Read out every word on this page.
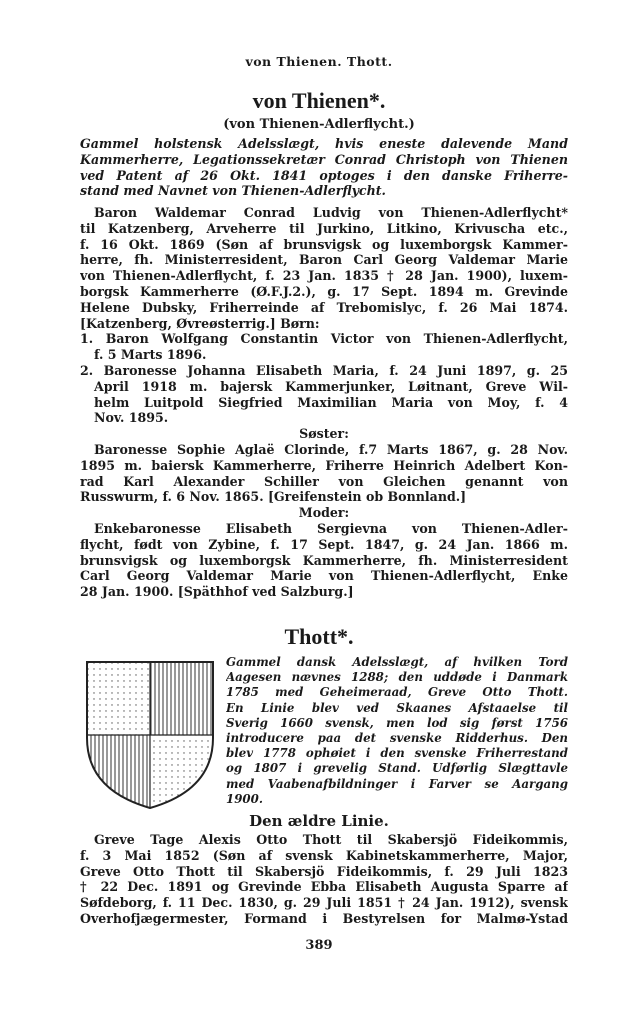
von Thienen. Thott.
von Thienen*.
(von Thienen-Adlerflycht.)
Gammel holstensk Adelsslægt, hvis eneste dalevende Mand
Kammerherre, Legationssekretær Conrad Christoph von Thienen
ved Patent af 26 Okt. 1841 optoges i den danske Friherre-
stand med Navnet von Thienen-Adlerflycht.
Baron Waldemar Conrad Ludvig von Thienen-Adlerflycht*
til Katzenberg, Arveherre til Jurkino, Litkino, Krivuscha etc.,
f. 16 Okt. 1869 (Søn af brunsvigsk og luxemborgsk Kammer-
herre, fh. Ministerresident, Baron Carl Georg Valdemar Marie
von Thienen-Adlerflycht, f. 23 Jan. 1835 † 28 Jan. 1900), luxem-
borgsk Kammerherre (Ø.F.J.2.), g. 17 Sept. 1894 m. Grevinde
Helene Dubsky, Friherreinde af Trebomislyc, f. 26 Mai 1874.
[Katzenberg, Øvreøsterrig.] Børn:
1. Baron Wolfgang Constantin Victor von Thienen-Adlerflycht,
f. 5 Marts 1896.
2. Baronesse Johanna Elisabeth Maria, f. 24 Juni 1897, g. 25
April 1918 m. bajersk Kammerjunker, Løitnant, Greve Wil-
helm Luitpold Siegfried Maximilian Maria von Moy, f. 4
Nov. 1895.
Søster:
Baronesse Sophie Aglaë Clorinde, f.7 Marts 1867, g. 28 Nov.
1895 m. baiersk Kammerherre, Friherre Heinrich Adelbert Kon-
rad Karl Alexander Schiller von Gleichen genannt von
Russwurm, f. 6 Nov. 1865. [Greifenstein ob Bonnland.]
Moder:
Enkebaronesse Elisabeth Sergievna von Thienen-Adler-
flycht, født von Zybine, f. 17 Sept. 1847, g. 24 Jan. 1866 m.
brunsvigsk og luxemborgsk Kammerherre, fh. Ministerresident
Carl Georg Valdemar Marie von Thienen-Adlerflycht, Enke
28 Jan. 1900. [Späthhof ved Salzburg.]
Thott*.
Gammel dansk Adelsslægt, af hvilken Tord
Aagesen nævnes 1288; den uddøde i Danmark
1785 med Geheimeraad, Greve Otto Thott.
En Linie blev ved Skaanes Afstaaelse til
Sverig 1660 svensk, men lod sig først 1756
introducere paa det svenske Ridderhus. Den
blev 1778 ophøiet i den svenske Friherrestand
og 1807 i grevelig Stand. Udførlig Slægttavle
med Vaabenafbildninger i Farver se Aargang
1900.
Den ældre Linie.
Greve Tage Alexis Otto Thott til Skabersjö Fideikommis,
f. 3 Mai 1852 (Søn af svensk Kabinetskammerherre, Major,
Greve Otto Thott til Skabersjö Fideikommis, f. 29 Juli 1823
† 22 Dec. 1891 og Grevinde Ebba Elisabeth Augusta Sparre af
Søfdeborg, f. 11 Dec. 1830, g. 29 Juli 1851 † 24 Jan. 1912), svensk
Overhofjægermester, Formand i Bestyrelsen for Malmø-Ystad
389
